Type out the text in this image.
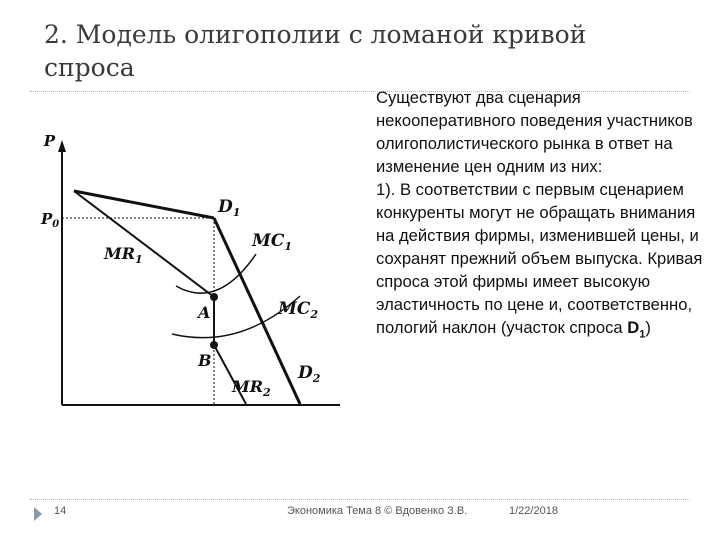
2. Модель олигополии с ломаной кривой спроса
P
$P_0$
$D_1$
$MR_1$
$MC_1$
$MC_2$
A
B
$MR_2$
$D_2$

Существуют два сценария некооперативного поведения участников олигополистического рынка в ответ на изменение цен одним из них:

1). В соответствии с первым сценарием конкуренты могут не обращать внимания на действия фирмы, изменившей цены, и сохранят прежний объем выпуска. Кривая спроса этой фирмы имеет высокую эластичность по цене и, соответственно, пологий наклон (участок спроса $D_1$)

14	Экономика Тема 8 © Вдовенко З.В.	1/22/2018
